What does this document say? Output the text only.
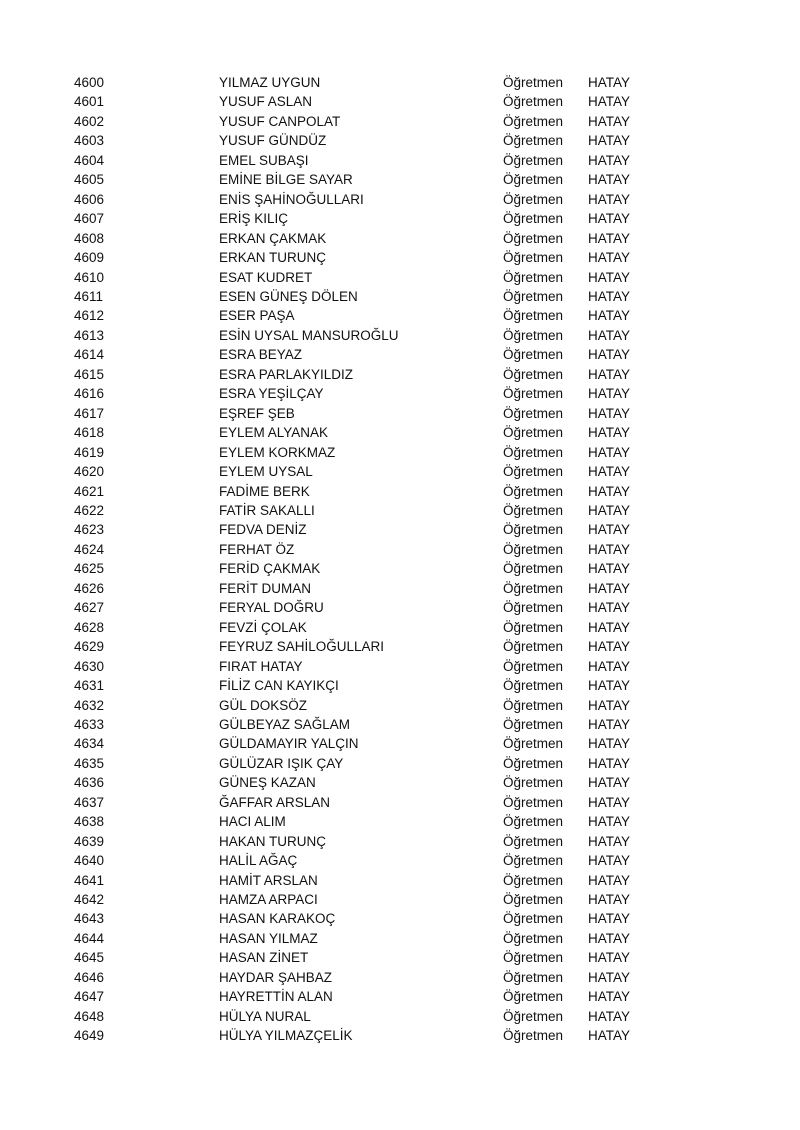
4600	YILMAZ UYGUN	Öğretmen	HATAY
4601	YUSUF ASLAN	Öğretmen	HATAY
4602	YUSUF CANPOLAT	Öğretmen	HATAY
4603	YUSUF GÜNDÜZ	Öğretmen	HATAY
4604	EMEL SUBAŞI	Öğretmen	HATAY
4605	EMİNE BİLGE SAYAR	Öğretmen	HATAY
4606	ENİS ŞAHİNOĞULLARI	Öğretmen	HATAY
4607	ERİŞ KILIÇ	Öğretmen	HATAY
4608	ERKAN ÇAKMAK	Öğretmen	HATAY
4609	ERKAN TURUNÇ	Öğretmen	HATAY
4610	ESAT KUDRET	Öğretmen	HATAY
4611	ESEN GÜNEŞ DÖLEN	Öğretmen	HATAY
4612	ESER PAŞA	Öğretmen	HATAY
4613	ESİN UYSAL MANSUROĞLU	Öğretmen	HATAY
4614	ESRA BEYAZ	Öğretmen	HATAY
4615	ESRA PARLAKYILDIZ	Öğretmen	HATAY
4616	ESRA YEŞİLÇAY	Öğretmen	HATAY
4617	EŞREF ŞEB	Öğretmen	HATAY
4618	EYLEM ALYANAK	Öğretmen	HATAY
4619	EYLEM KORKMAZ	Öğretmen	HATAY
4620	EYLEM UYSAL	Öğretmen	HATAY
4621	FADİME BERK	Öğretmen	HATAY
4622	FATİR SAKALLI	Öğretmen	HATAY
4623	FEDVA DENİZ	Öğretmen	HATAY
4624	FERHAT ÖZ	Öğretmen	HATAY
4625	FERİD ÇAKMAK	Öğretmen	HATAY
4626	FERİT DUMAN	Öğretmen	HATAY
4627	FERYAL DOĞRU	Öğretmen	HATAY
4628	FEVZİ ÇOLAK	Öğretmen	HATAY
4629	FEYRUZ SAHİLOĞULLARI	Öğretmen	HATAY
4630	FIRAT HATAY	Öğretmen	HATAY
4631	FİLİZ CAN KAYIKÇI	Öğretmen	HATAY
4632	GÜL DOKSÖZ	Öğretmen	HATAY
4633	GÜLBEYAZ SAĞLAM	Öğretmen	HATAY
4634	GÜLDAMAYIR YALÇIN	Öğretmen	HATAY
4635	GÜLÜZAR IŞIK ÇAY	Öğretmen	HATAY
4636	GÜNEŞ KAZAN	Öğretmen	HATAY
4637	ĞAFFAR ARSLAN	Öğretmen	HATAY
4638	HACI ALIM	Öğretmen	HATAY
4639	HAKAN TURUNÇ	Öğretmen	HATAY
4640	HALİL AĞAÇ	Öğretmen	HATAY
4641	HAMİT ARSLAN	Öğretmen	HATAY
4642	HAMZA ARPACI	Öğretmen	HATAY
4643	HASAN KARAKOÇ	Öğretmen	HATAY
4644	HASAN YILMAZ	Öğretmen	HATAY
4645	HASAN ZİNET	Öğretmen	HATAY
4646	HAYDAR ŞAHBAZ	Öğretmen	HATAY
4647	HAYRETTİN ALAN	Öğretmen	HATAY
4648	HÜLYA NURAL	Öğretmen	HATAY
4649	HÜLYA YILMAZÇELİK	Öğretmen	HATAY
